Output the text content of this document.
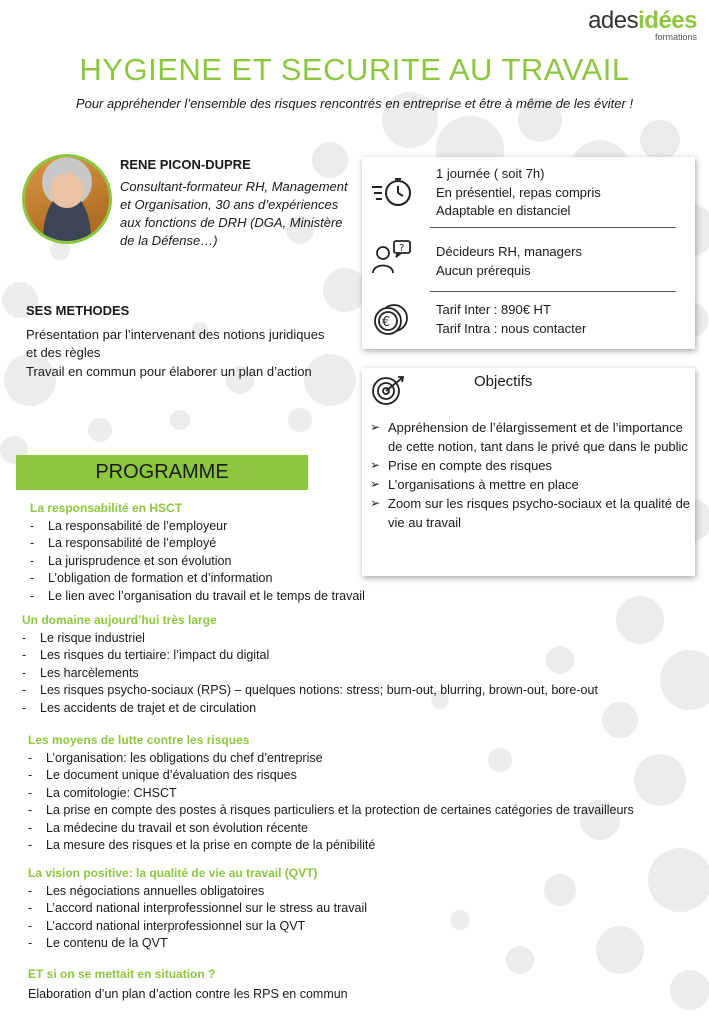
adesidées
formations
HYGIENE ET SECURITE AU TRAVAIL
Pour appréhender l’ensemble des risques rencontrés en entreprise et être à même de les éviter !
RENE PICON-DUPRE
Consultant-formateur RH, Management et Organisation, 30 ans d’expériences aux fonctions de DRH (DGA, Ministère de la Défense…)
SES METHODES
Présentation par l’intervenant des notions juridiques et des règles
Travail en commun pour élaborer un plan d’action
1 journée ( soit 7h)
En présentiel, repas compris
Adaptable en distanciel
? Décideurs RH, managers
Aucun prérequis
€
Tarif Inter : 890€ HT
Tarif Intra : nous contacter
Objectifs
➢ Appréhension de l’élargissement et de l’importance de cette notion, tant dans le privé que dans le public
➢ Prise en compte des risques
➢ L’organisations à mettre en place
➢ Zoom sur les risques psycho-sociaux et la qualité de vie au travail
PROGRAMME
La responsabilité en HSCT
- La responsabilité de l’employeur
- La responsabilité de l’employé
- La jurisprudence et son évolution
- L’obligation de formation et d’information
- Le lien avec l’organisation du travail et le temps de travail
Un domaine aujourd’hui très large
- Le risque industriel
- Les risques du tertiaire: l’impact du digital
- Les harcèlements
- Les risques psycho-sociaux (RPS) – quelques notions: stress; burn-out, blurring, brown-out, bore-out
- Les accidents de trajet et de circulation
Les moyens de lutte contre les risques
- L’organisation: les obligations du chef d’entreprise
- Le document unique d’évaluation des risques
- La comitologie: CHSCT
- La prise en compte des postes à risques particuliers et la protection de certaines catégories de travailleurs
- La médecine du travail et son évolution récente
- La mesure des risques et la prise en compte de la pénibilité
La vision positive: la qualité de vie au travail (QVT)
- Les négociations annuelles obligatoires
- L’accord national interprofessionnel sur le stress au travail
- L’accord national interprofessionnel sur la QVT
- Le contenu de la QVT
ET si on se mettait en situation ?
Elaboration d’un plan d’action contre les RPS en commun
